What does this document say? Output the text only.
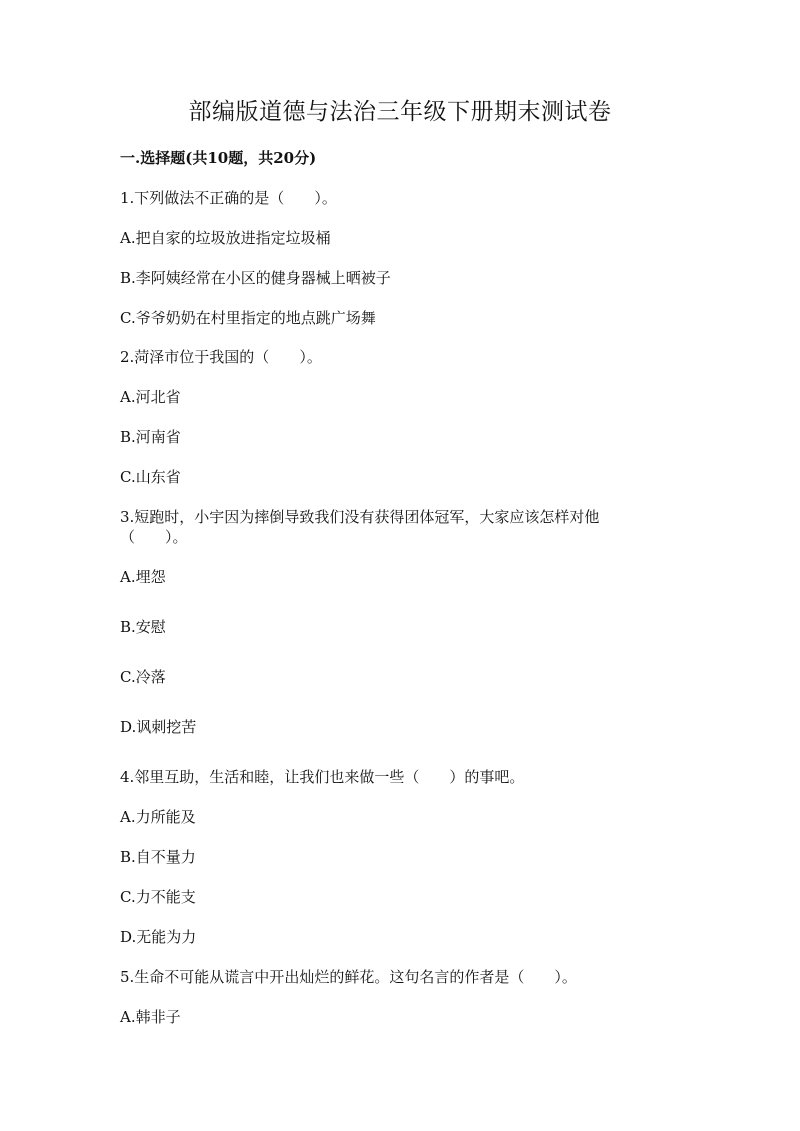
部编版道德与法治三年级下册期末测试卷
一.选择题(共10题，共20分)
1.下列做法不正确的是（　　）。
A.把自家的垃圾放进指定垃圾桶
B.李阿姨经常在小区的健身器械上晒被子
C.爷爷奶奶在村里指定的地点跳广场舞
2.菏泽市位于我国的（　　）。
A.河北省
B.河南省
C.山东省
3.短跑时，小宇因为摔倒导致我们没有获得团体冠军，大家应该怎样对他
（　　）。
A.埋怨
B.安慰
C.冷落
D.讽刺挖苦
4.邻里互助，生活和睦，让我们也来做一些（　　）的事吧。
A.力所能及
B.自不量力
C.力不能支
D.无能为力
5.生命不可能从谎言中开出灿烂的鲜花。这句名言的作者是（　　）。
A.韩非子
